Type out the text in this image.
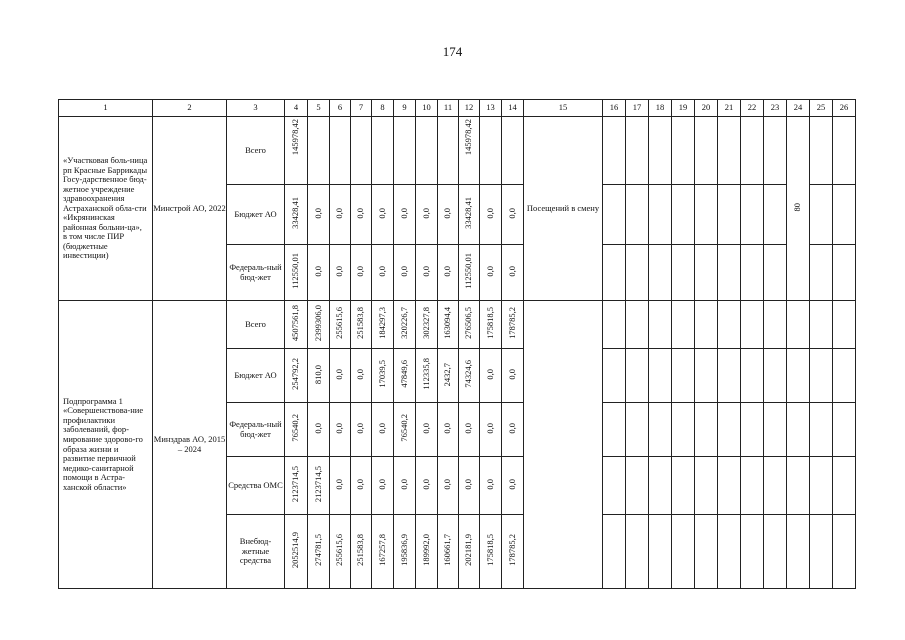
174
1	2	3	4	5	6	7	8	9	10	11	12	13	14	15	16	17	18	19	20	21	22	23	24	25	26
«Участковая боль-ница рп Красные Баррикады Госу-дарственное бюд-жетное учреждение здравоохранения Астраханской обла-сти «Икрянинская районная больни-ца», в том числе ПИР (бюджетные инвестиции)	Минстрой АО, 2022	Всего	145978,42								145978,42			Посещений в смену									80		
		Бюджет АО	33428,41	0,0	0,0	0,0	0,0	0,0	0,0	0,0	33428,41	0,0	0,0												
		Федераль-ный бюд-жет	112550,01	0,0	0,0	0,0	0,0	0,0	0,0	0,0	112550,01	0,0	0,0												
Подпрограмма 1 «Совершенствова-ние профилактики заболеваний, фор-мирование здорово-го образа жизни и развитие первичной медико-санитарной помощи в Астра-ханской области»	Минздрав АО, 2015 – 2024	Всего	4507561,8	2399306,0	255615,6	251583,8	184297,3	320226,7	302327,8	163094,4	276506,5	175818,5	178785,2												
		Бюджет АО	254792,2	810,0	0,0	0,0	17039,5	47849,6	112335,8	2432,7	74324,6	0,0	0,0												
		Федераль-ный бюд-жет	76540,2	0,0	0,0	0,0	0,0	76540,2	0,0	0,0	0,0	0,0	0,0												
		Средства ОМС	2123714,5	2123714,5	0,0	0,0	0,0	0,0	0,0	0,0	0,0	0,0	0,0												
		Внебюд-жетные средства	2052514,9	274781,5	255615,6	251583,8	167257,8	195836,9	189992,0	160661,7	202181,9	175818,5	178785,2												
